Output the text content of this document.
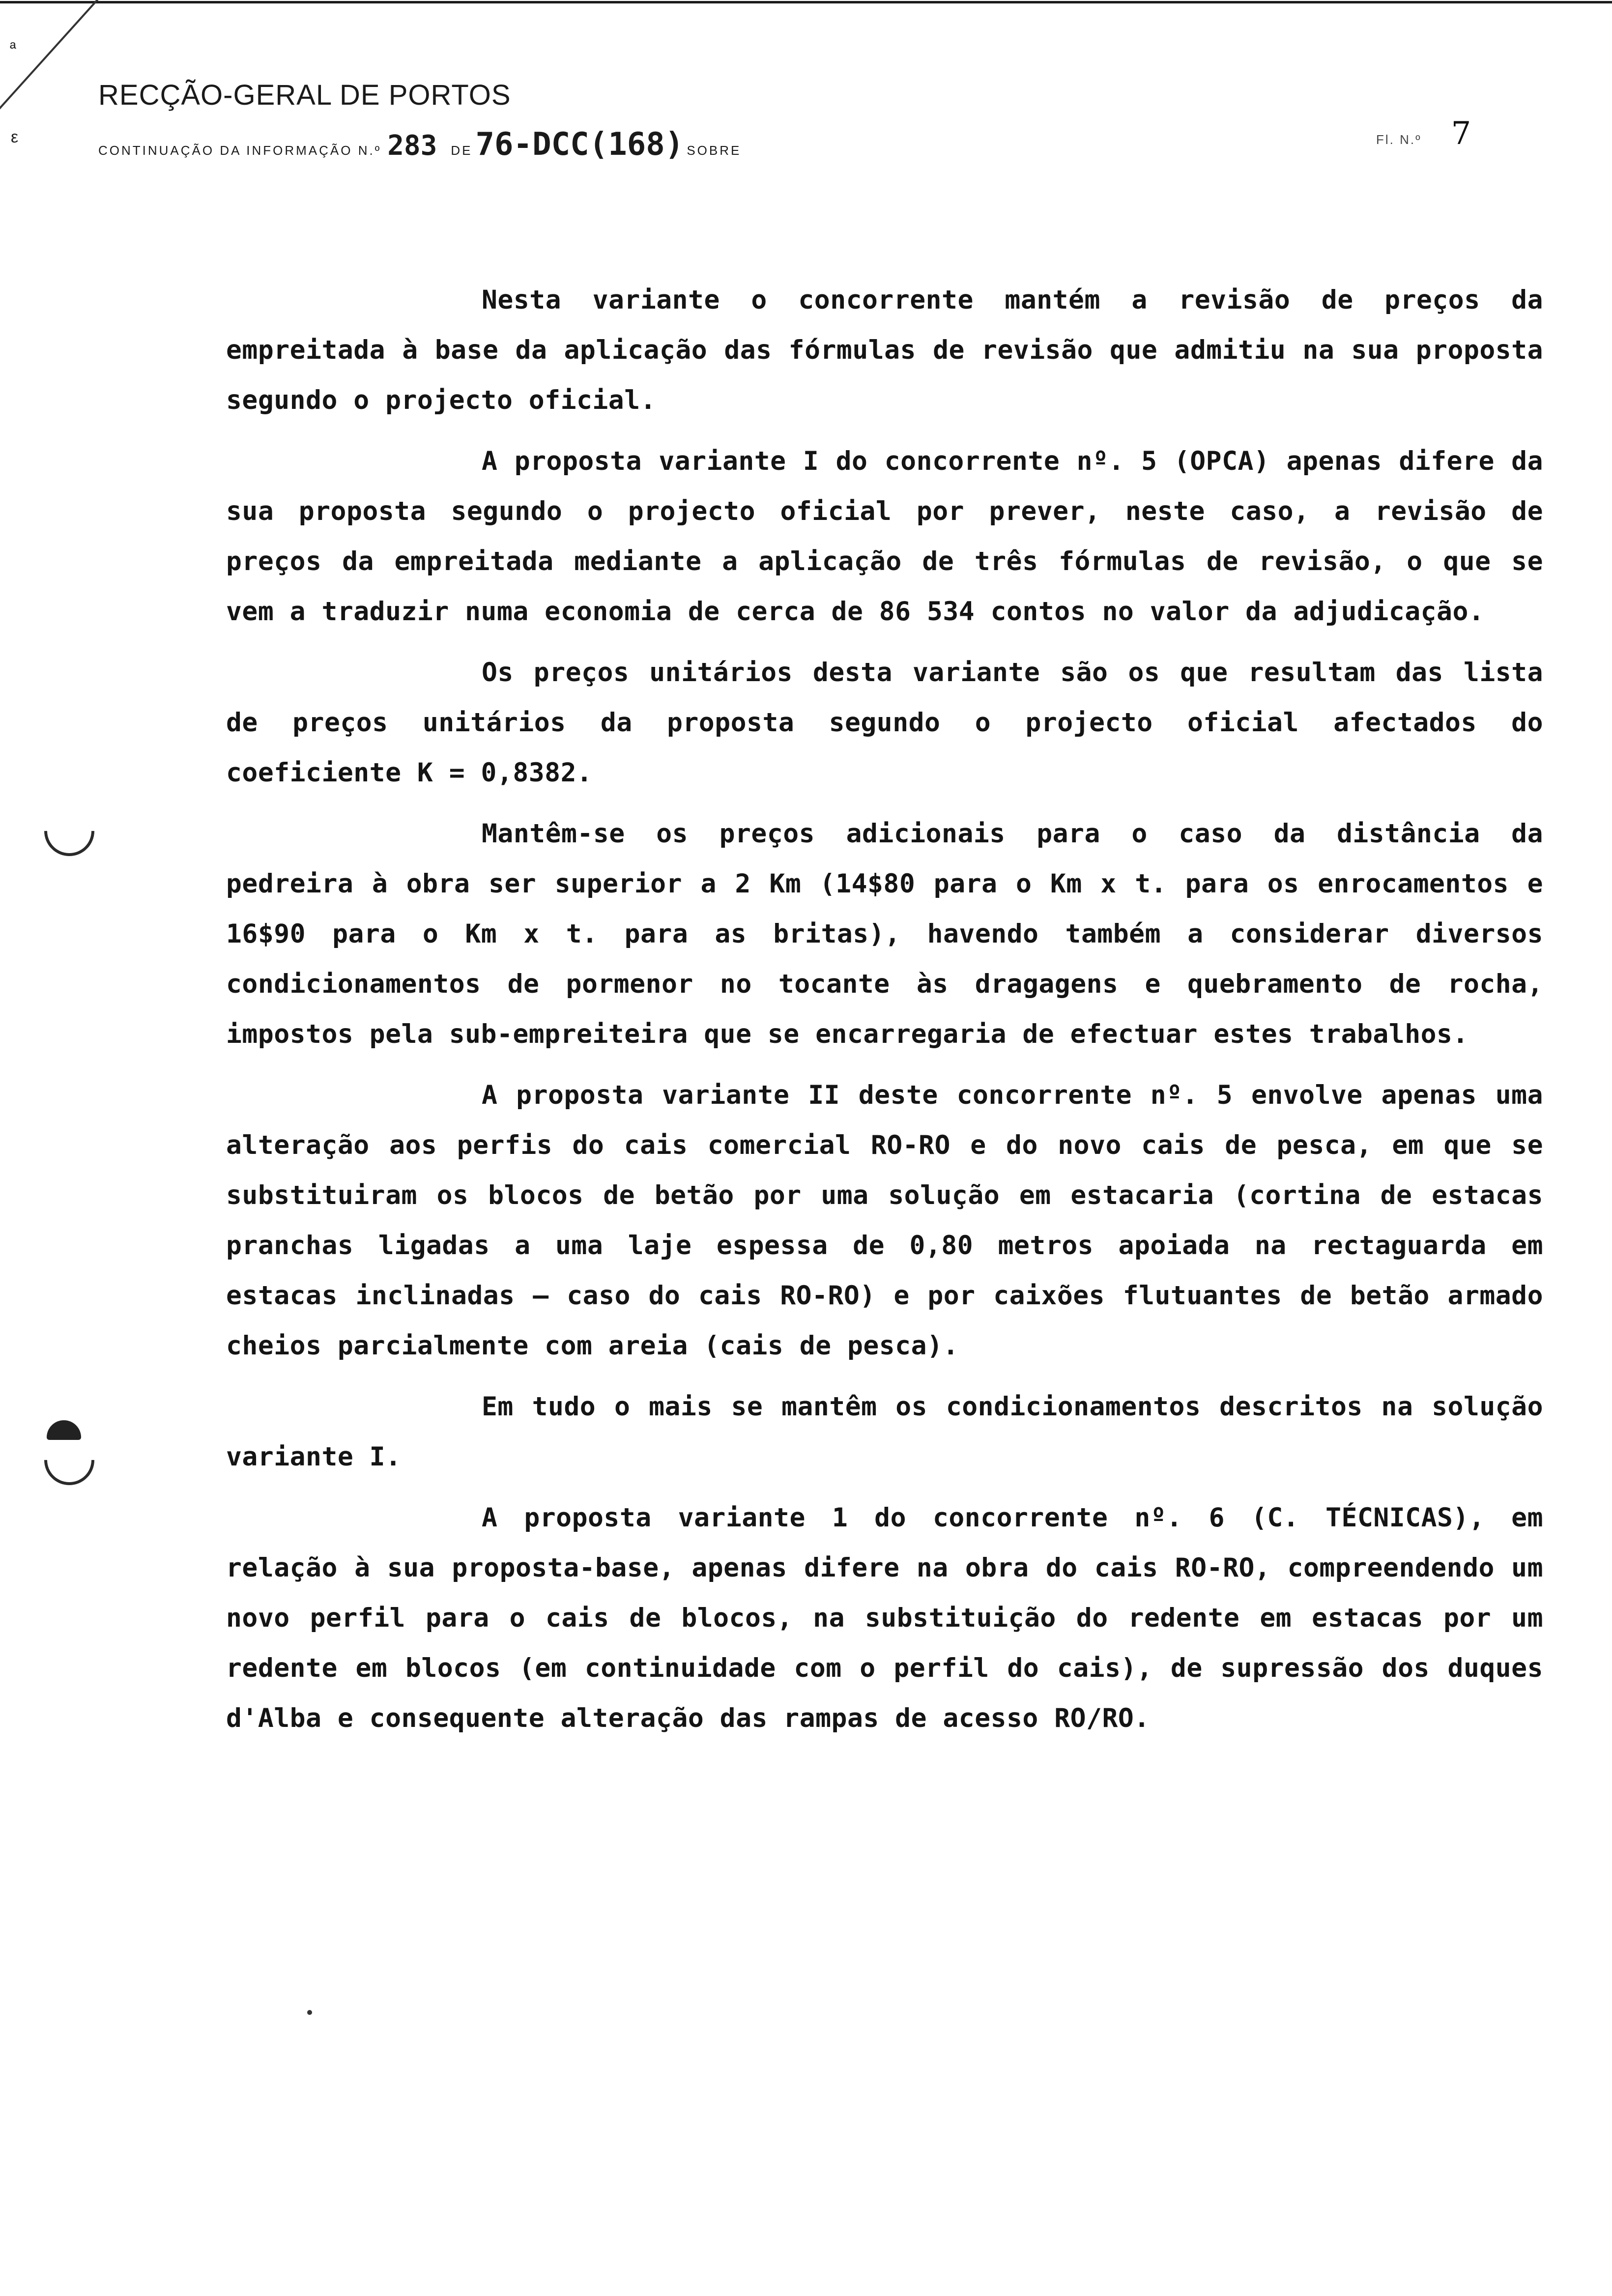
ª
ε
RECÇÃO-GERAL DE PORTOS
CONTINUAÇÃO DA INFORMAÇÃO N.º 283 DE 76-DCC(168) SOBRE
Fl. N.º 7

Nesta variante o concorrente mantém a revisão de preços da empreitada à base da aplicação das fórmulas de revisão que admitiu na sua proposta segundo o projecto oficial.

A proposta variante I do concorrente nº. 5 (OPCA) apenas difere da sua proposta segundo o projecto oficial por prever, neste caso, a revisão de preços da empreitada mediante a aplicação de três fórmulas de revisão, o que se vem a traduzir numa economia de cerca de 86 534 contos no valor da adjudicação.

Os preços unitários desta variante são os que resultam das lista de preços unitários da proposta segundo o projecto oficial afectados do coeficiente K = 0,8382.

Mantêm-se os preços adicionais para o caso da distância da pedreira à obra ser superior a 2 Km (14$80 para o Km x t. para os enrocamentos e 16$90 para o Km x t. para as britas), havendo também a considerar diversos condicionamentos de pormenor no tocante às dragagens e quebramento de rocha, impostos pela sub-empreiteira que se encarregaria de efectuar estes trabalhos.

A proposta variante II deste concorrente nº. 5 envolve apenas uma alteração aos perfis do cais comercial RO-RO e do novo cais de pesca, em que se substituiram os blocos de betão por uma solução em estacaria (cortina de estacas pranchas ligadas a uma laje espessa de 0,80 metros apoiada na rectaguarda em estacas inclinadas — caso do cais RO-RO) e por caixões flutuantes de betão armado cheios parcialmente com areia (cais de pesca).

Em tudo o mais se mantêm os condicionamentos descritos na solução variante I.

A proposta variante 1 do concorrente nº. 6 (C. TÉCNICAS), em relação à sua proposta-base, apenas difere na obra do cais RO-RO, compreendendo um novo perfil para o cais de blocos, na substituição do redente em estacas por um redente em blocos (em continuidade com o perfil do cais), de supressão dos duques d'Alba e consequente alteração das rampas de acesso RO/RO.
